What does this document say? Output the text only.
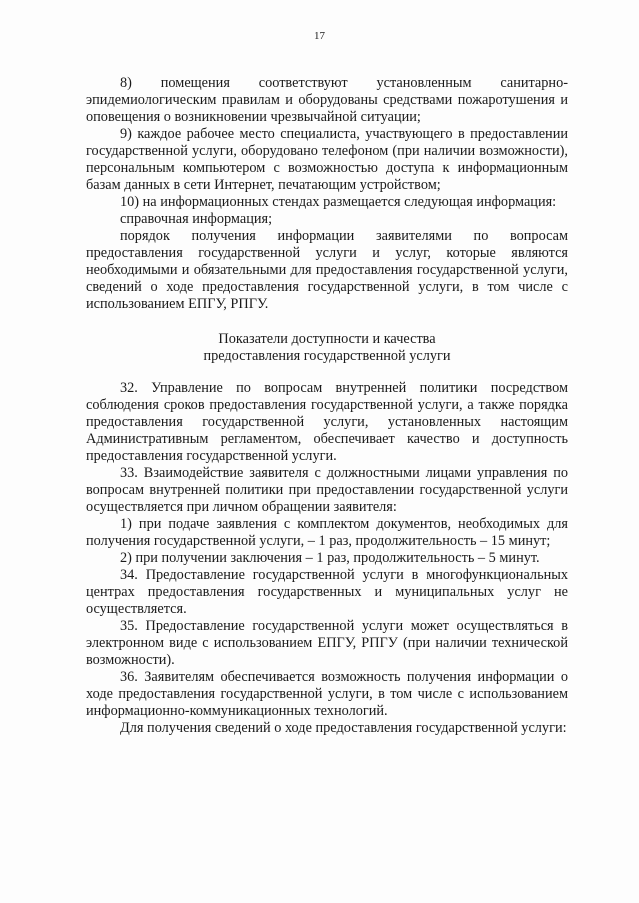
17

8) помещения соответствуют установленным санитарно-эпидемиологическим правилам и оборудованы средствами пожаротушения и оповещения о возникновении чрезвычайной ситуации;

9) каждое рабочее место специалиста, участвующего в предоставлении государственной услуги, оборудовано телефоном (при наличии возможности), персональным компьютером с возможностью доступа к информационным базам данных в сети Интернет, печатающим устройством;

10) на информационных стендах размещается следующая информация:

справочная информация;

порядок получения информации заявителями по вопросам предоставления государственной услуги и услуг, которые являются необходимыми и обязательными для предоставления государственной услуги, сведений о ходе предоставления государственной услуги, в том числе с использованием ЕПГУ, РПГУ.

Показатели доступности и качества
предоставления государственной услуги

32. Управление по вопросам внутренней политики посредством соблюдения сроков предоставления государственной услуги, а также порядка предоставления государственной услуги, установленных настоящим Административным регламентом, обеспечивает качество и доступность предоставления государственной услуги.

33. Взаимодействие заявителя с должностными лицами управления по вопросам внутренней политики при предоставлении государственной услуги осуществляется при личном обращении заявителя:

1) при подаче заявления с комплектом документов, необходимых для получения государственной услуги, – 1 раз, продолжительность – 15 минут;

2) при получении заключения – 1 раз, продолжительность – 5 минут.

34. Предоставление государственной услуги в многофункциональных центрах предоставления государственных и муниципальных услуг не осуществляется.

35. Предоставление государственной услуги может осуществляться в электронном виде с использованием ЕПГУ, РПГУ (при наличии технической возможности).

36. Заявителям обеспечивается возможность получения информации о ходе предоставления государственной услуги, в том числе с использованием информационно-коммуникационных технологий.

Для получения сведений о ходе предоставления государственной услуги:
